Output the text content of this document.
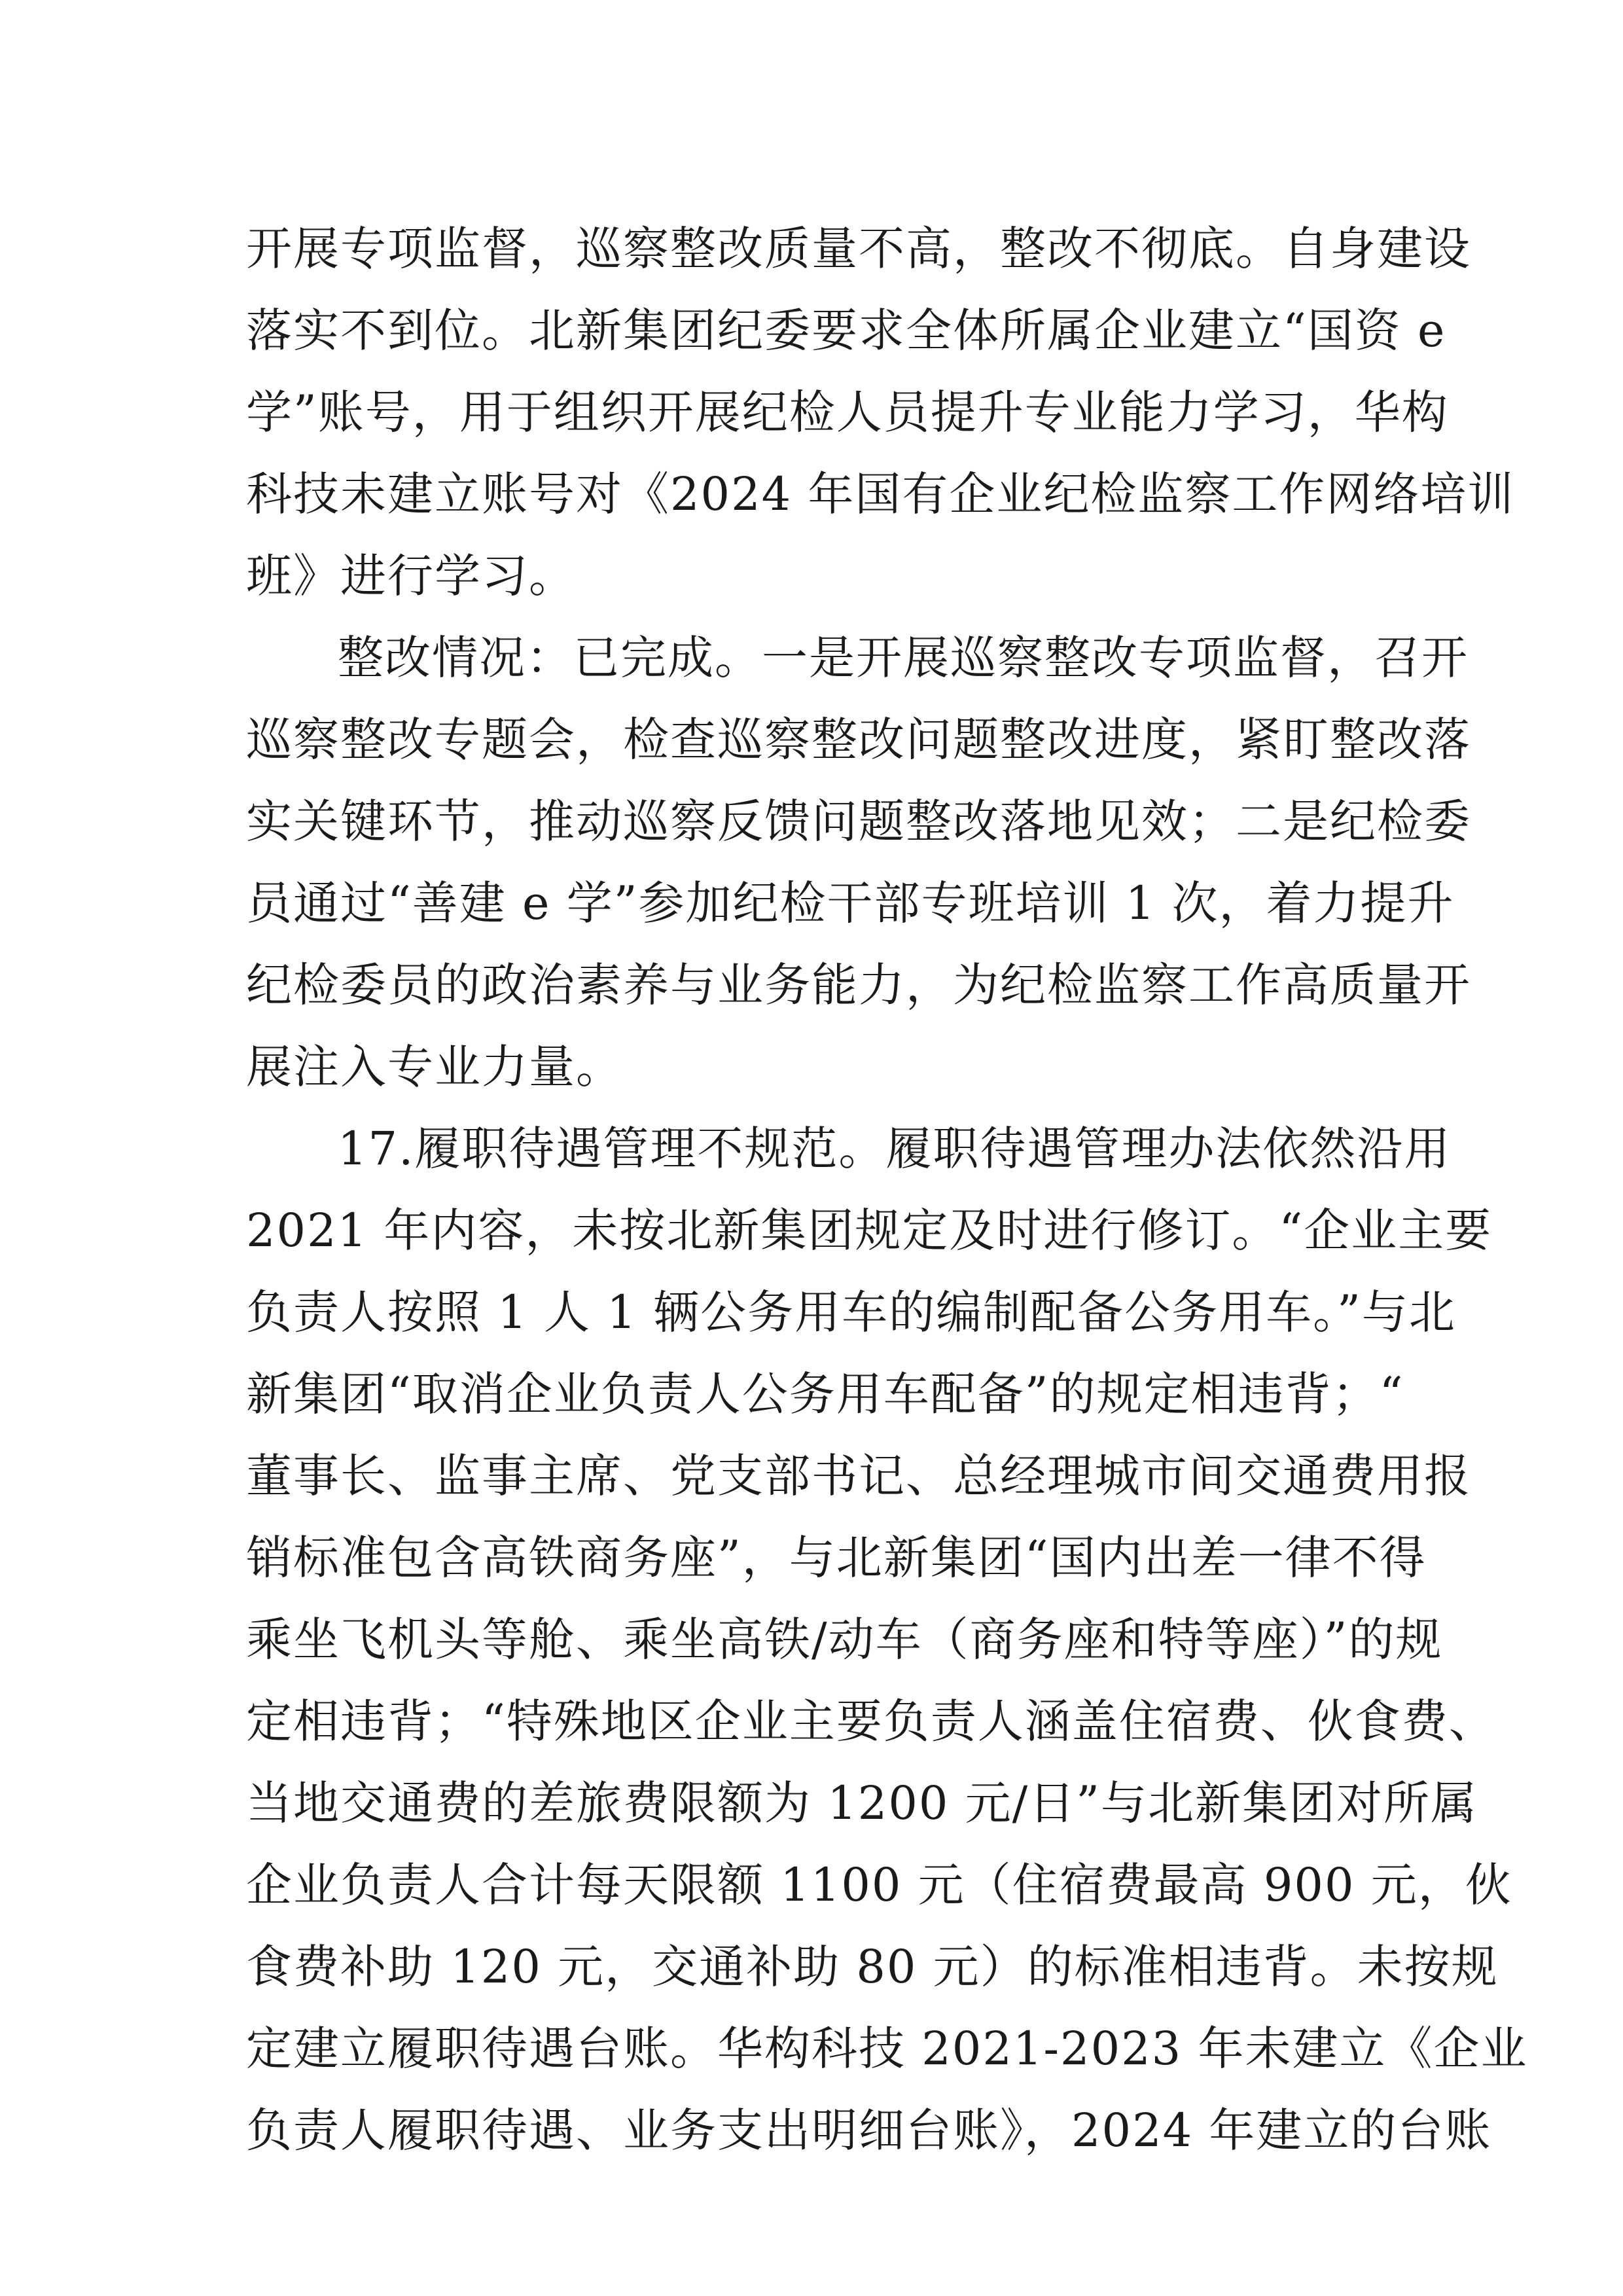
开展专项监督，巡察整改质量不高，整改不彻底。自身建设
落实不到位。北新集团纪委要求全体所属企业建立“国资 e
学”账号，用于组织开展纪检人员提升专业能力学习，华构
科技未建立账号对《2024 年国有企业纪检监察工作网络培训
班》进行学习。
整改情况：已完成。一是开展巡察整改专项监督，召开
巡察整改专题会，检查巡察整改问题整改进度，紧盯整改落
实关键环节，推动巡察反馈问题整改落地见效；二是纪检委
员通过“善建 e 学”参加纪检干部专班培训 1 次，着力提升
纪检委员的政治素养与业务能力，为纪检监察工作高质量开
展注入专业力量。
17.履职待遇管理不规范。履职待遇管理办法依然沿用
2021 年内容，未按北新集团规定及时进行修订。“企业主要
负责人按照 1 人 1 辆公务用车的编制配备公务用车。”与北
新集团“取消企业负责人公务用车配备”的规定相违背；“
董事长、监事主席、党支部书记、总经理城市间交通费用报
销标准包含高铁商务座”，与北新集团“国内出差一律不得
乘坐飞机头等舱、乘坐高铁/动车（商务座和特等座）”的规
定相违背；“特殊地区企业主要负责人涵盖住宿费、伙食费、
当地交通费的差旅费限额为 1200 元/日”与北新集团对所属
企业负责人合计每天限额 1100 元（住宿费最高 900 元，伙
食费补助 120 元，交通补助 80 元）的标准相违背。未按规
定建立履职待遇台账。华构科技 2021-2023 年未建立《企业
负责人履职待遇、业务支出明细台账》，2024 年建立的台账
